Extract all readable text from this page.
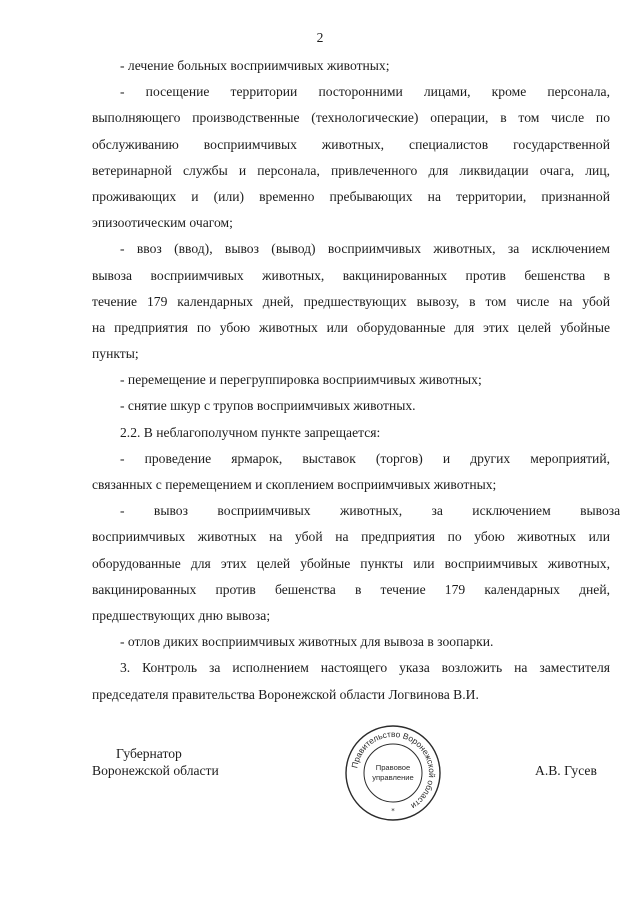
2
- лечение больных восприимчивых животных;
- посещение территории посторонними лицами, кроме персонала,
выполняющего производственные (технологические) операции, в том числе по
обслуживанию восприимчивых животных, специалистов государственной
ветеринарной службы и персонала, привлеченного для ликвидации очага, лиц,
проживающих и (или) временно пребывающих на территории, признанной
эпизоотическим очагом;
- ввоз (ввод), вывоз (вывод) восприимчивых животных, за исключением
вывоза восприимчивых животных, вакцинированных против бешенства в
течение 179 календарных дней, предшествующих вывозу, в том числе на убой
на предприятия по убою животных или оборудованные для этих целей убойные
пункты;
- перемещение и перегруппировка восприимчивых животных;
- снятие шкур с трупов восприимчивых животных.
2.2. В неблагополучном пункте запрещается:
- проведение ярмарок, выставок (торгов) и других мероприятий,
связанных с перемещением и скоплением восприимчивых животных;
- вывоз восприимчивых животных, за исключением вывоза
восприимчивых животных на убой на предприятия по убою животных или
оборудованные для этих целей убойные пункты или восприимчивых животных,
вакцинированных против бешенства в течение 179 календарных дней,
предшествующих дню вывоза;
- отлов диких восприимчивых животных для вывоза в зоопарки.
3. Контроль за исполнением настоящего указа возложить на заместителя
председателя правительства Воронежской области Логвинова В.И.
Губернатор
Воронежской области	А.В. Гусев
Правительство Воронежской области
Правовое
управление
*
